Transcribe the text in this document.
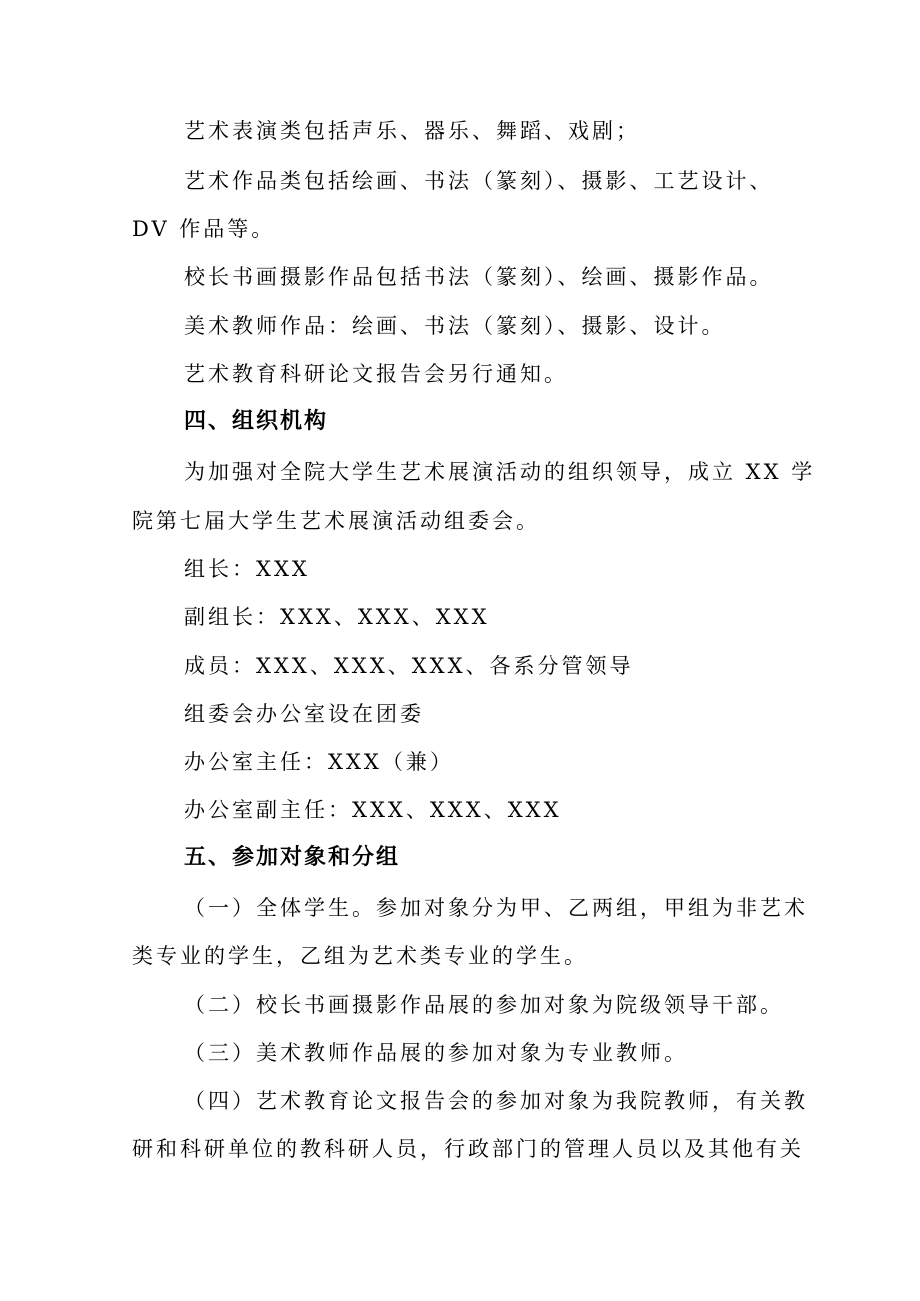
艺术表演类包括声乐、器乐、舞蹈、戏剧；
艺术作品类包括绘画、书法（篆刻）、摄影、工艺设计、
DV 作品等。
校长书画摄影作品包括书法（篆刻）、绘画、摄影作品。
美术教师作品：绘画、书法（篆刻）、摄影、设计。
艺术教育科研论文报告会另行通知。
四、组织机构
为加强对全院大学生艺术展演活动的组织领导，成立 XX 学
院第七届大学生艺术展演活动组委会。
组长：XXX
副组长：XXX、XXX、XXX
成员：XXX、XXX、XXX、各系分管领导
组委会办公室设在团委
办公室主任：XXX（兼）
办公室副主任：XXX、XXX、XXX
五、参加对象和分组
（一）全体学生。参加对象分为甲、乙两组，甲组为非艺术
类专业的学生，乙组为艺术类专业的学生。
（二）校长书画摄影作品展的参加对象为院级领导干部。
（三）美术教师作品展的参加对象为专业教师。
（四）艺术教育论文报告会的参加对象为我院教师，有关教
研和科研单位的教科研人员，行政部门的管理人员以及其他有关
